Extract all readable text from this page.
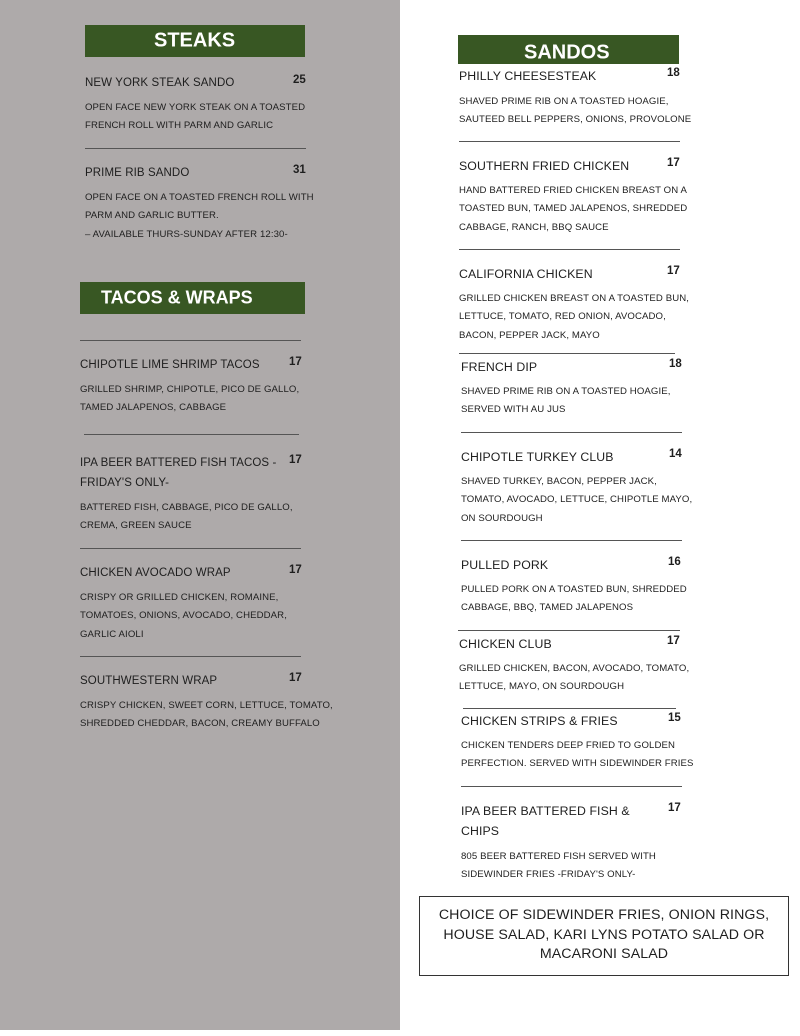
STEAKS
NEW YORK STEAK SANDO	25
OPEN FACE NEW YORK STEAK ON A TOASTED
FRENCH ROLL WITH PARM AND GARLIC
PRIME RIB SANDO	31
OPEN FACE ON A TOASTED FRENCH ROLL WITH
PARM AND GARLIC BUTTER.
– AVAILABLE THURS-SUNDAY AFTER 12:30-
TACOS & WRAPS
CHIPOTLE LIME SHRIMP TACOS	17
GRILLED SHRIMP, CHIPOTLE, PICO DE GALLO,
TAMED JALAPENOS, CABBAGE
IPA BEER BATTERED FISH TACOS -
FRIDAY'S ONLY-
17
BATTERED FISH, CABBAGE, PICO DE GALLO,
CREMA, GREEN SAUCE
CHICKEN AVOCADO WRAP	17
CRISPY OR GRILLED CHICKEN, ROMAINE,
TOMATOES, ONIONS, AVOCADO, CHEDDAR,
GARLIC AIOLI
SOUTHWESTERN WRAP	17
CRISPY CHICKEN, SWEET CORN, LETTUCE, TOMATO,
SHREDDED CHEDDAR, BACON, CREAMY BUFFALO
SANDOS
PHILLY CHEESESTEAK	18
SHAVED PRIME RIB ON A TOASTED HOAGIE,
SAUTEED BELL PEPPERS, ONIONS, PROVOLONE
SOUTHERN FRIED CHICKEN	17
HAND BATTERED FRIED CHICKEN BREAST ON A
TOASTED BUN, TAMED JALAPENOS, SHREDDED
CABBAGE, RANCH, BBQ SAUCE
CALIFORNIA CHICKEN	17
GRILLED CHICKEN BREAST ON A TOASTED BUN,
LETTUCE, TOMATO, RED ONION, AVOCADO,
BACON, PEPPER JACK, MAYO
FRENCH DIP	18
SHAVED PRIME RIB ON A TOASTED HOAGIE,
SERVED WITH AU JUS
CHIPOTLE TURKEY CLUB	14
SHAVED TURKEY, BACON, PEPPER JACK,
TOMATO, AVOCADO, LETTUCE, CHIPOTLE MAYO,
ON SOURDOUGH
PULLED PORK	16
PULLED PORK ON A TOASTED BUN, SHREDDED
CABBAGE, BBQ, TAMED JALAPENOS
CHICKEN CLUB	17
GRILLED CHICKEN, BACON, AVOCADO, TOMATO,
LETTUCE, MAYO, ON SOURDOUGH
CHICKEN STRIPS & FRIES	15
CHICKEN TENDERS DEEP FRIED TO GOLDEN
PERFECTION. SERVED WITH SIDEWINDER FRIES
IPA BEER BATTERED FISH &
CHIPS
17
805 BEER BATTERED FISH SERVED WITH
SIDEWINDER FRIES -FRIDAY'S ONLY-
CHOICE OF SIDEWINDER FRIES, ONION RINGS, HOUSE SALAD, KARI LYNS POTATO SALAD OR MACARONI SALAD
